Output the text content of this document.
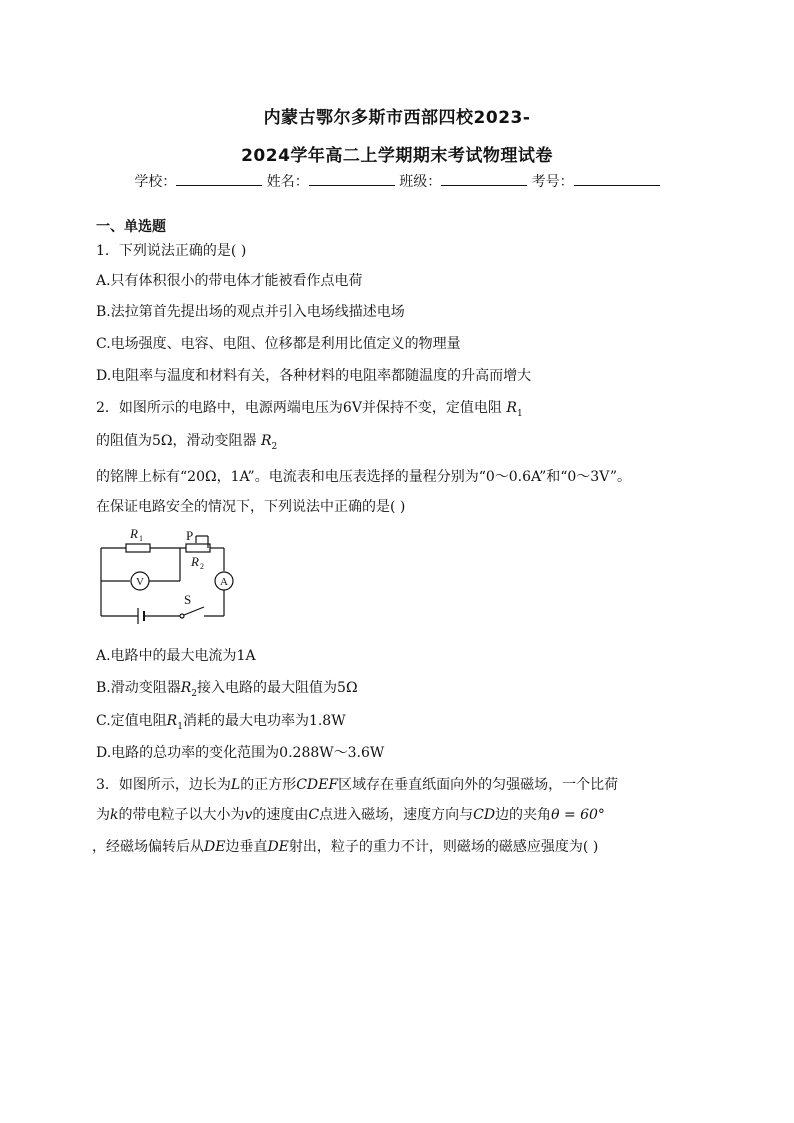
内蒙古鄂尔多斯市西部四校2023-
2024学年高二上学期期末考试物理试卷
学校：	姓名：	班级：	考号：
一、单选题
1．下列说法正确的是( )
A.只有体积很小的带电体才能被看作点电荷
B.法拉第首先提出场的观点并引入电场线描述电场
C.电场强度、电容、电阻、位移都是利用比值定义的物理量
D.电阻率与温度和材料有关，各种材料的电阻率都随温度的升高而增大
2．如图所示的电路中，电源两端电压为6V并保持不变，定值电阻 $R_1$
的阻值为5Ω，滑动变阻器 $R_2$
的铭牌上标有“20Ω，1A”。电流表和电压表选择的量程分别为“0～0.6A”和“0～3V”。
在保证电路安全的情况下，下列说法中正确的是( )
R 1	P
R 2
V	A
S
A.电路中的最大电流为1A
B.滑动变阻器$R_2$接入电路的最大阻值为5Ω
C.定值电阻$R_1$消耗的最大电功率为1.8W
D.电路的总功率的变化范围为0.288W～3.6W
3．如图所示，边长为L的正方形CDEF区域存在垂直纸面向外的匀强磁场，一个比荷
为k的带电粒子以大小为v的速度由C点进入磁场，速度方向与CD边的夹角θ = 60°
，经磁场偏转后从DE边垂直DE射出，粒子的重力不计，则磁场的磁感应强度为( )
